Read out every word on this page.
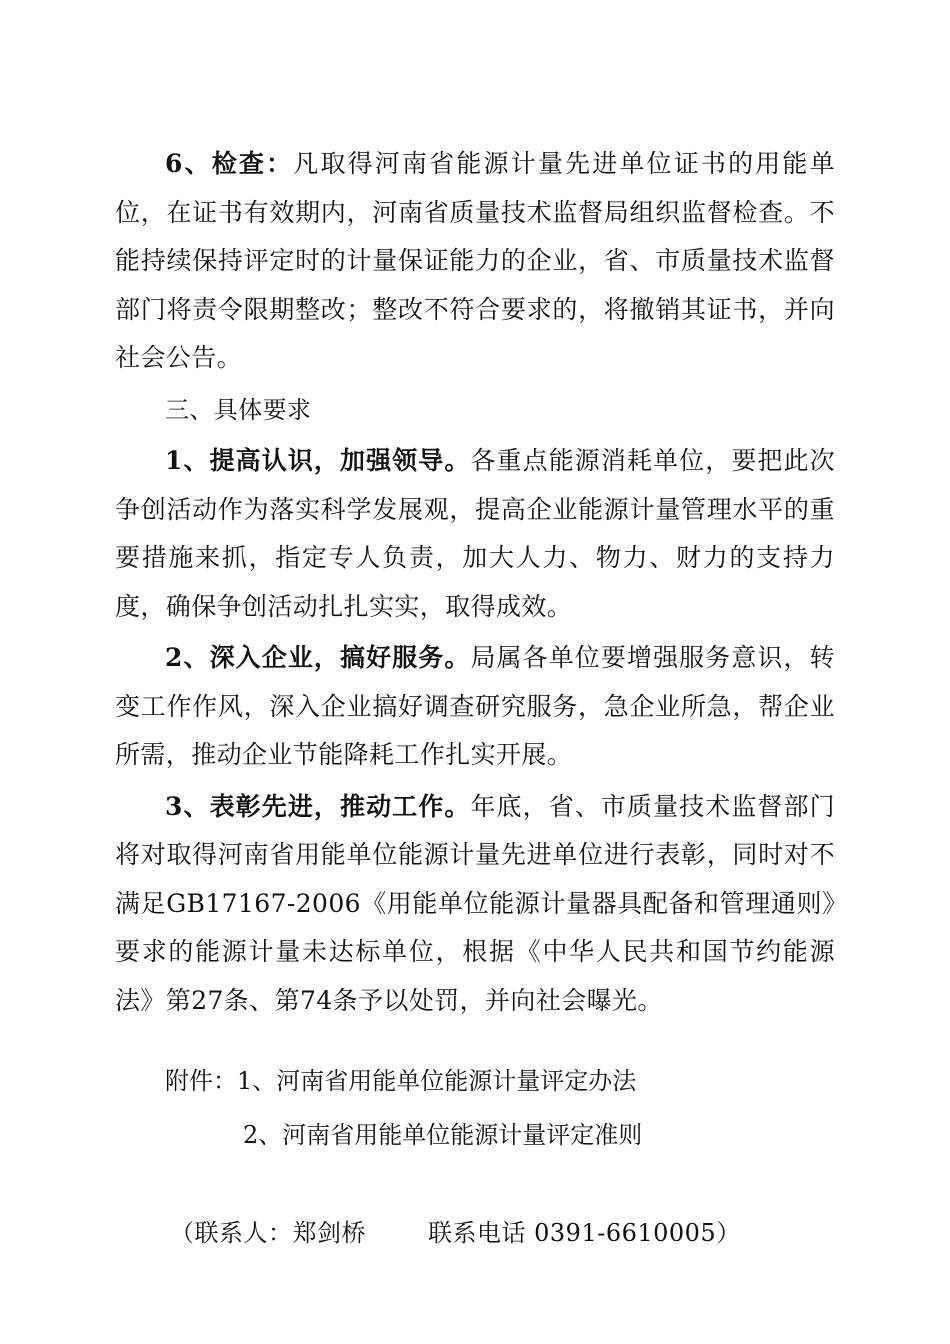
6、检查：凡取得河南省能源计量先进单位证书的用能单位，在证书有效期内，河南省质量技术监督局组织监督检查。不能持续保持评定时的计量保证能力的企业，省、市质量技术监督部门将责令限期整改；整改不符合要求的，将撤销其证书，并向社会公告。

三、具体要求

1、提高认识，加强领导。各重点能源消耗单位，要把此次争创活动作为落实科学发展观，提高企业能源计量管理水平的重要措施来抓，指定专人负责，加大人力、物力、财力的支持力度，确保争创活动扎扎实实，取得成效。

2、深入企业，搞好服务。局属各单位要增强服务意识，转变工作作风，深入企业搞好调查研究服务，急企业所急，帮企业所需，推动企业节能降耗工作扎实开展。

3、表彰先进，推动工作。年底，省、市质量技术监督部门将对取得河南省用能单位能源计量先进单位进行表彰，同时对不满足GB17167-2006《用能单位能源计量器具配备和管理通则》要求的能源计量未达标单位，根据《中华人民共和国节约能源法》第27条、第74条予以处罚，并向社会曝光。

附件：1、河南省用能单位能源计量评定办法
2、河南省用能单位能源计量评定准则
（联系人：郑剑桥	联系电话 0391-6610005）
